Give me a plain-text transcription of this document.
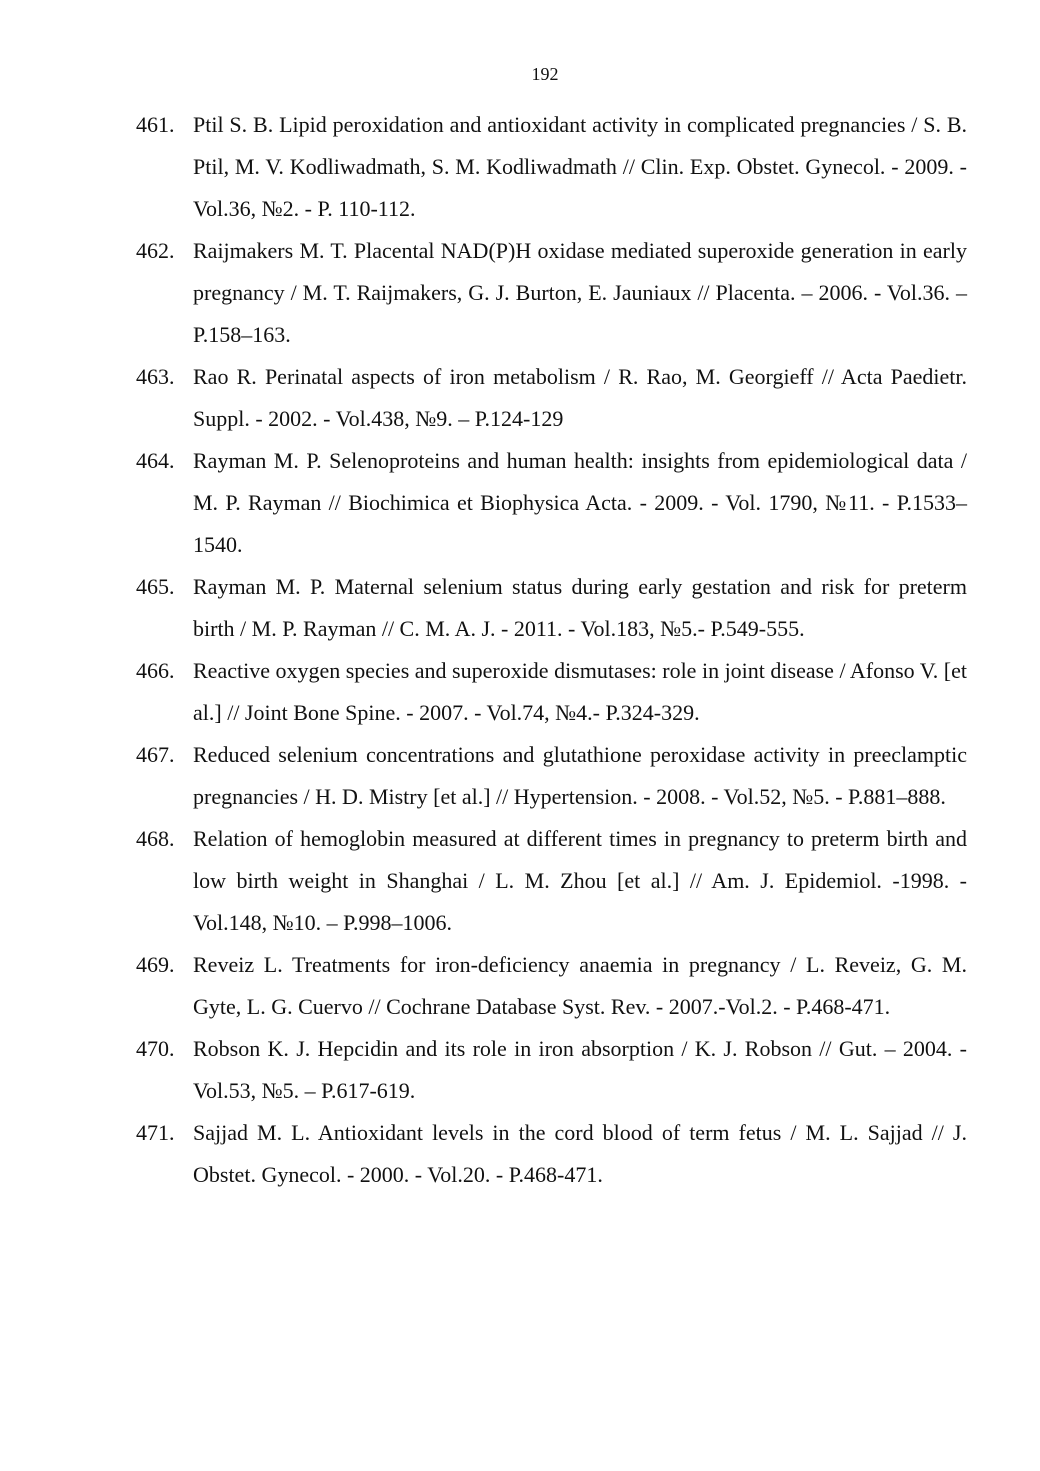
192
461. Ptil S. B. Lipid peroxidation and antioxidant activity in complicated pregnancies / S. B. Ptil, M. V. Kodliwadmath, S. M. Kodliwadmath // Clin. Exp. Obstet. Gynecol. - 2009. - Vol.36, №2. - P. 110-112.
462. Raijmakers M. T. Placental NAD(P)H oxidase mediated superoxide generation in early pregnancy / M. T. Raijmakers, G. J. Burton, E. Jauniaux // Placenta. – 2006. - Vol.36. – P.158–163.
463. Rao R. Perinatal aspects of iron metabolism / R. Rao, M. Georgieff // Acta Paedietr. Suppl. - 2002. - Vol.438, №9. – P.124-129
464. Rayman M. P. Selenoproteins and human health: insights from epidemiological data / M. P. Rayman // Biochimica et Biophysica Acta. - 2009. - Vol. 1790, №11. - P.1533–1540.
465. Rayman M. P. Maternal selenium status during early gestation and risk for preterm birth / M. P. Rayman // C. M. A. J. - 2011. - Vol.183, №5.- P.549-555.
466. Reactive oxygen species and superoxide dismutases: role in joint disease / Afonso V. [et al.] // Joint Bone Spine. - 2007. - Vol.74, №4.- P.324-329.
467. Reduced selenium concentrations and glutathione peroxidase activity in preeclamptic pregnancies / H. D. Mistry [et al.] // Hypertension. - 2008. - Vol.52, №5. - P.881–888.
468. Relation of hemoglobin measured at different times in pregnancy to preterm birth and low birth weight in Shanghai / L. M. Zhou [et al.] // Am. J. Epidemiol. -1998. - Vol.148, №10. – P.998–1006.
469. Reveiz L. Treatments for iron-deficiency anaemia in pregnancy / L. Reveiz, G. M. Gyte, L. G. Cuervo // Cochrane Database Syst. Rev. - 2007.-Vol.2. - P.468-471.
470. Robson K. J. Hepcidin and its role in iron absorption / K. J. Robson // Gut. – 2004. - Vol.53, №5. – P.617-619.
471. Sajjad M. L. Antioxidant levels in the cord blood of term fetus / M. L. Sajjad // J. Obstet. Gynecol. - 2000. - Vol.20. - P.468-471.
